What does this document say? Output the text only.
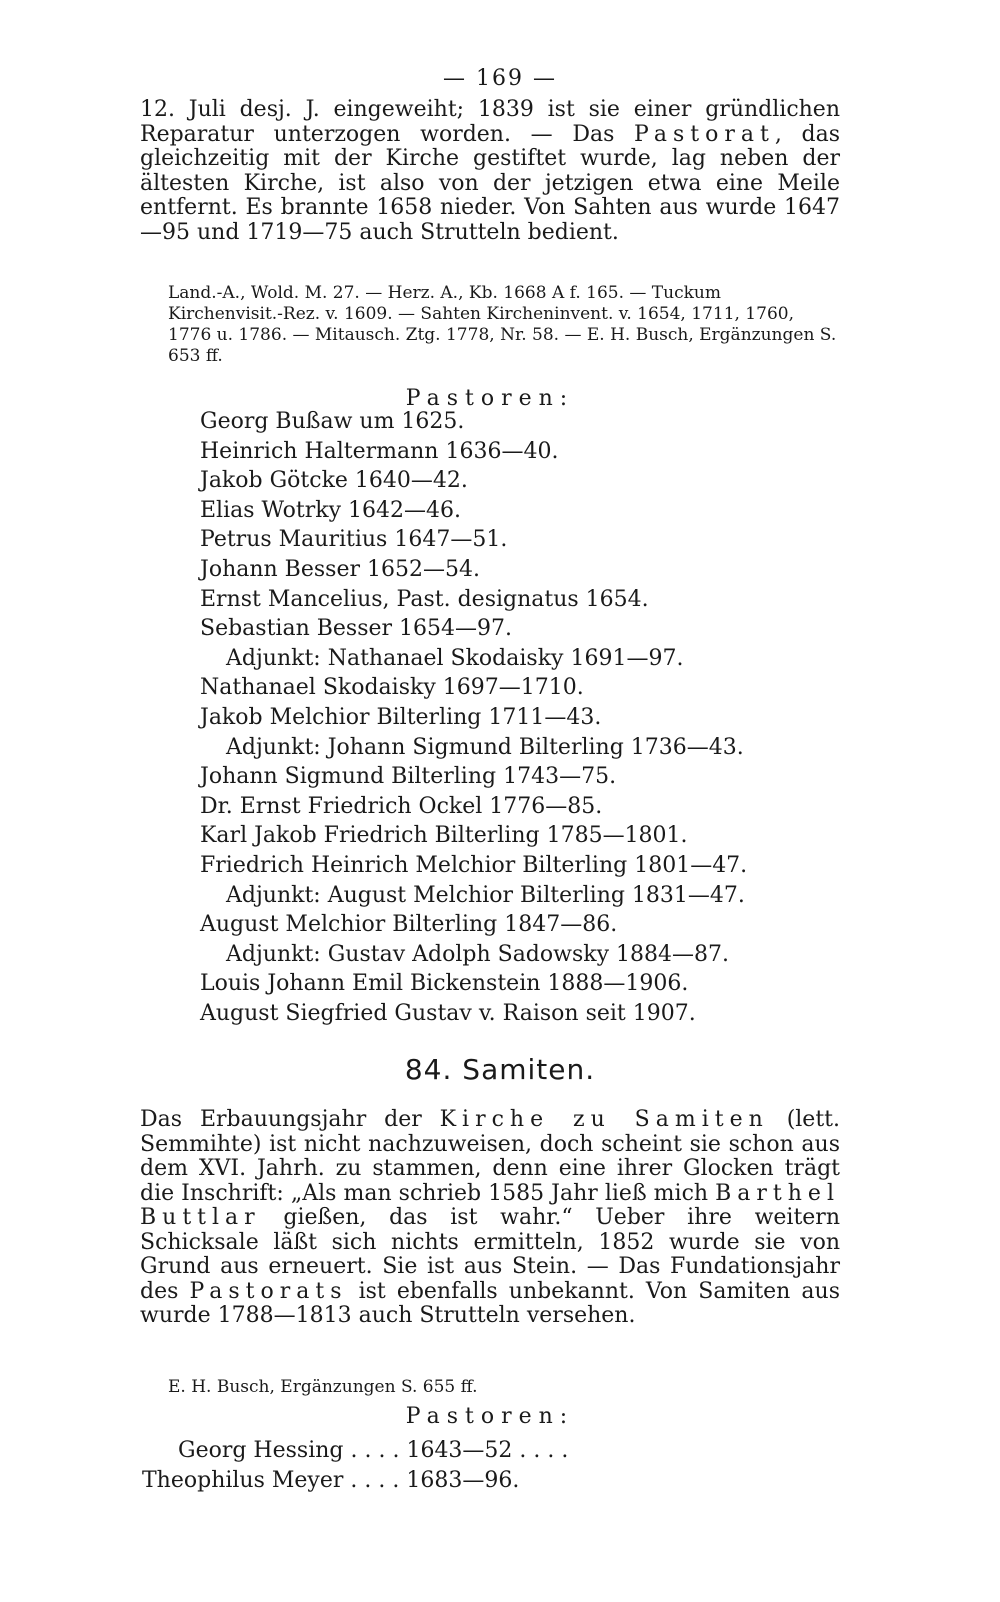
— 169 —

12. Juli desj. J. eingeweiht; 1839 ist sie einer gründlichen Reparatur unterzogen worden. — Das Pastorat, das gleichzeitig mit der Kirche gestiftet wurde, lag neben der ältesten Kirche, ist also von der jetzigen etwa eine Meile entfernt. Es brannte 1658 nieder. Von Sahten aus wurde 1647—95 und 1719—75 auch Strutteln bedient.

Land.-A., Wold. M. 27. — Herz. A., Kb. 1668 A f. 165. — Tuckum Kirchenvisit.-Rez. v. 1609. — Sahten Kircheninvent. v. 1654, 1711, 1760, 1776 u. 1786. — Mitausch. Ztg. 1778, Nr. 58. — E. H. Busch, Ergänzungen S. 653 ff.

Pastoren:

Georg Bußaw um 1625.
Heinrich Haltermann 1636—40.
Jakob Götcke 1640—42.
Elias Wotrky 1642—46.
Petrus Mauritius 1647—51.
Johann Besser 1652—54.
Ernst Mancelius, Past. designatus 1654.
Sebastian Besser 1654—97.
Adjunkt: Nathanael Skodaisky 1691—97.
Nathanael Skodaisky 1697—1710.
Jakob Melchior Bilterling 1711—43.
Adjunkt: Johann Sigmund Bilterling 1736—43.
Johann Sigmund Bilterling 1743—75.
Dr. Ernst Friedrich Ockel 1776—85.
Karl Jakob Friedrich Bilterling 1785—1801.
Friedrich Heinrich Melchior Bilterling 1801—47.
Adjunkt: August Melchior Bilterling 1831—47.
August Melchior Bilterling 1847—86.
Adjunkt: Gustav Adolph Sadowsky 1884—87.
Louis Johann Emil Bickenstein 1888—1906.
August Siegfried Gustav v. Raison seit 1907.
84. Samiten.

Das Erbauungsjahr der Kirche zu Samiten (lett. Semmihte) ist nicht nachzuweisen, doch scheint sie schon aus dem XVI. Jahrh. zu stammen, denn eine ihrer Glocken trägt die Inschrift: „Als man schrieb 1585 Jahr ließ mich Barthel Buttlar gießen, das ist wahr.“ Ueber ihre weitern Schicksale läßt sich nichts ermitteln, 1852 wurde sie von Grund aus erneuert. Sie ist aus Stein. — Das Fundationsjahr des Pastorats ist ebenfalls unbekannt. Von Samiten aus wurde 1788—1813 auch Strutteln versehen.

E. H. Busch, Ergänzungen S. 655 ff.

Pastoren:

Georg Hessing . . . . 1643—52 . . . .
Theophilus Meyer . . . . 1683—96.
